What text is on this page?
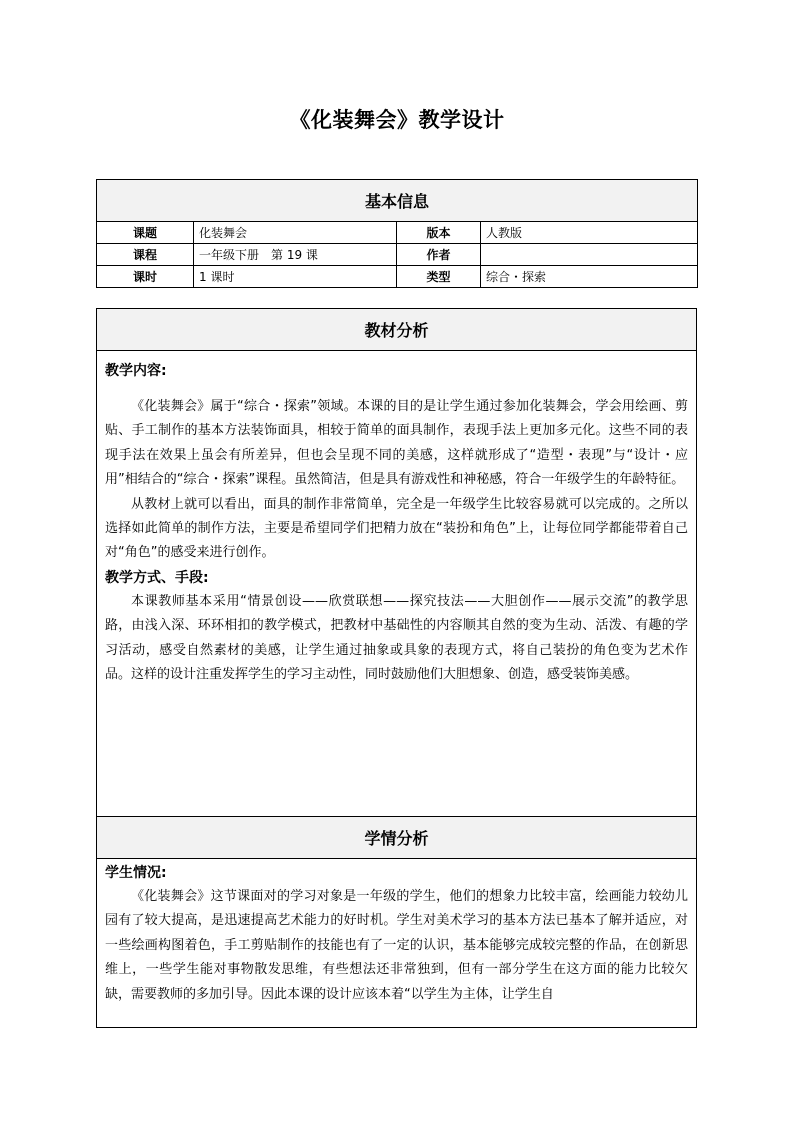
《化装舞会》教学设计
基本信息			
课题	化装舞会	版本	人教版
课程	一年级下册　第 19 课	作者	
课时	1 课时	类型	综合・探索
教材分析

教学内容:

《化装舞会》属于“综合・探索”领域。本课的目的是让学生通过参加化装舞会，学会用绘画、剪贴、手工制作的基本方法装饰面具，相较于简单的面具制作，表现手法上更加多元化。这些不同的表现手法在效果上虽会有所差异，但也会呈现不同的美感，这样就形成了“造型・表现”与“设计・应用”相结合的“综合・探索”课程。虽然简洁，但是具有游戏性和神秘感，符合一年级学生的年龄特征。

从教材上就可以看出，面具的制作非常简单，完全是一年级学生比较容易就可以完成的。之所以选择如此简单的制作方法，主要是希望同学们把精力放在“装扮和角色”上，让每位同学都能带着自己对“角色”的感受来进行创作。

教学方式、手段:

本课教师基本采用“情景创设——欣赏联想——探究技法——大胆创作——展示交流”的教学思路，由浅入深、环环相扣的教学模式，把教材中基础性的内容顺其自然的变为生动、活泼、有趣的学习活动，感受自然素材的美感，让学生通过抽象或具象的表现方式，将自己装扮的角色变为艺术作品。这样的设计注重发挥学生的学习主动性，同时鼓励他们大胆想象、创造，感受装饰美感。

学情分析

学生情况:

《化装舞会》这节课面对的学习对象是一年级的学生，他们的想象力比较丰富，绘画能力较幼儿园有了较大提高，是迅速提高艺术能力的好时机。学生对美术学习的基本方法已基本了解并适应，对一些绘画构图着色，手工剪贴制作的技能也有了一定的认识，基本能够完成较完整的作品，在创新思维上，一些学生能对事物散发思维，有些想法还非常独到，但有一部分学生在这方面的能力比较欠缺，需要教师的多加引导。因此本课的设计应该本着“以学生为主体，让学生自
